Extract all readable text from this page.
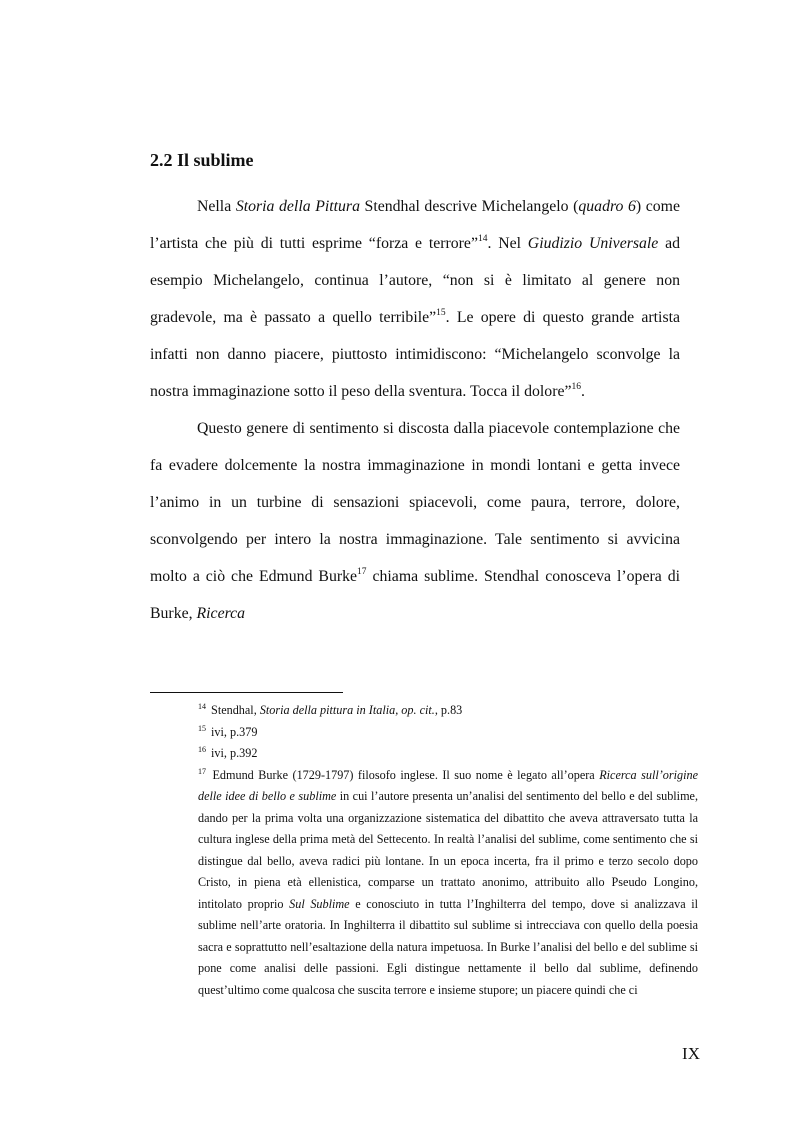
2.2 Il sublime

Nella Storia della Pittura Stendhal descrive Michelangelo (quadro 6) come l’artista che più di tutti esprime “forza e terrore”$^{14}$. Nel Giudizio Universale ad esempio Michelangelo, continua l’autore, “non si è limitato al genere non gradevole, ma è passato a quello terribile”$^{15}$. Le opere di questo grande artista infatti non danno piacere, piuttosto intimidiscono: “Michelangelo sconvolge la nostra immaginazione sotto il peso della sventura. Tocca il dolore”$^{16}$.

Questo genere di sentimento si discosta dalla piacevole contemplazione che fa evadere dolcemente la nostra immaginazione in mondi lontani e getta invece l’animo in un turbine di sensazioni spiacevoli, come paura, terrore, dolore, sconvolgendo per intero la nostra immaginazione. Tale sentimento si avvicina molto a ciò che Edmund Burke$^{17}$ chiama sublime. Stendhal conosceva l’opera di Burke, Ricerca

$^{14}$ Stendhal, Storia della pittura in Italia, op. cit., p.83

$^{15}$ ivi, p.379

$^{16}$ ivi, p.392

$^{17}$ Edmund Burke (1729-1797) filosofo inglese. Il suo nome è legato all’opera Ricerca sull’origine delle idee di bello e sublime in cui l’autore presenta un’analisi del sentimento del bello e del sublime, dando per la prima volta una organizzazione sistematica del dibattito che aveva attraversato tutta la cultura inglese della prima metà del Settecento. In realtà l’analisi del sublime, come sentimento che si distingue dal bello, aveva radici più lontane. In un epoca incerta, fra il primo e terzo secolo dopo Cristo, in piena età ellenistica, comparse un trattato anonimo, attribuito allo Pseudo Longino, intitolato proprio Sul Sublime e conosciuto in tutta l’Inghilterra del tempo, dove si analizzava il sublime nell’arte oratoria. In Inghilterra il dibattito sul sublime si intrecciava con quello della poesia sacra e soprattutto nell’esaltazione della natura impetuosa. In Burke l’analisi del bello e del sublime si pone come analisi delle passioni. Egli distingue nettamente il bello dal sublime, definendo quest’ultimo come qualcosa che suscita terrore e insieme stupore; un piacere quindi che ci

IX
